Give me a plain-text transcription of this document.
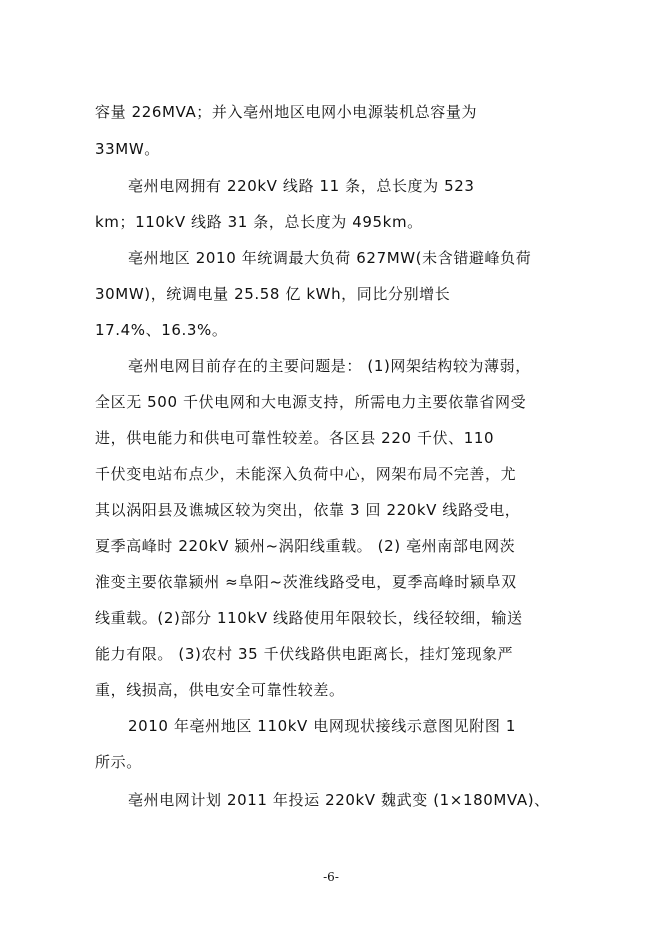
容量 226MVA；并入亳州地区电网小电源装机总容量为
33MW。
亳州电网拥有 220kV 线路 11 条，总长度为 523
km；110kV 线路 31 条，总长度为 495km。
亳州地区 2010 年统调最大负荷 627MW(未含错避峰负荷
30MW)，统调电量 25.58 亿 kWh，同比分别增长
17.4%、16.3%。
亳州电网目前存在的主要问题是： (1)网架结构较为薄弱，
全区无 500 千伏电网和大电源支持，所需电力主要依靠省网受
进，供电能力和供电可靠性较差。各区县 220 千伏、110
千伏变电站布点少，未能深入负荷中心，网架布局不完善，尤
其以涡阳县及谯城区较为突出，依靠 3 回 220kV 线路受电，
夏季高峰时 220kV 颍州~涡阳线重载。 (2) 亳州南部电网茨
淮变主要依靠颍州 ≈阜阳~茨淮线路受电，夏季高峰时颍阜双
线重载。(2)部分 110kV 线路使用年限较长，线径较细，输送
能力有限。 (3)农村 35 千伏线路供电距离长，挂灯笼现象严
重，线损高，供电安全可靠性较差。
2010 年亳州地区 110kV 电网现状接线示意图见附图 1
所示。
亳州电网计划 2011 年投运 220kV 魏武变 (1×180MVA)、
-6-
